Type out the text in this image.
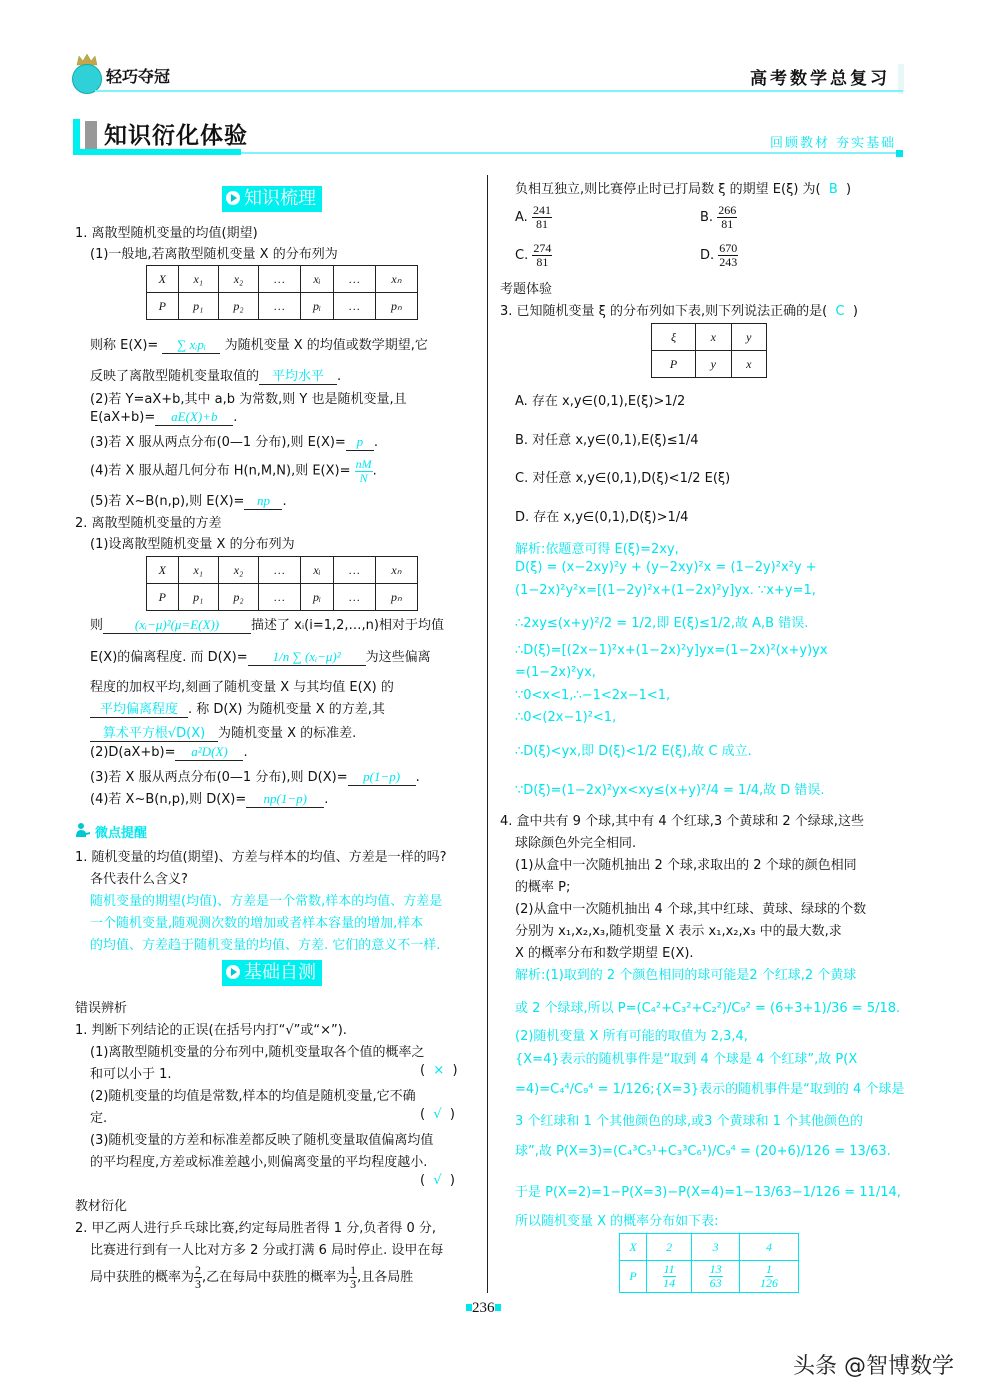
轻巧夺冠	高考数学总复习
知识衍化体验	回顾教材 夯实基础
知识梳理
1. 离散型随机变量的均值(期望)
(1)一般地,若离散型随机变量 X 的分布列为
X	x₁	x₂	…	xᵢ	…	xₙ
P	p₁	p₂	…	pᵢ	…	pₙ
则称 E(X)= ∑ xᵢpᵢ 为随机变量 X 的均值或数学期望,它
反映了离散型随机变量取值的 平均水平 .
(2)若 Y=aX+b,其中 a,b 为常数,则 Y 也是随机变量,且
E(aX+b)= aE(X)+b .
(3)若 X 服从两点分布(0—1 分布),则 E(X)= p .
(4)若 X 服从超几何分布 H(n,M,N),则 $E(X)= \frac{nM}{N}$ .
(5)若 X~B(n,p),则 E(X)= np .
2. 离散型随机变量的方差
(1)设离散型随机变量 X 的分布列为
X	x₁	x₂	…	xᵢ	…	xₙ
P	p₁	p₂	…	pᵢ	…	pₙ
则 (xᵢ−μ)²(μ=E(X)) 描述了 xᵢ(i=1,2,…,n)相对于均值
E(X)的偏离程度. 而 D(X)= 1/n ∑ (xᵢ−μ)² 为这些偏离
程度的加权平均,刻画了随机变量 X 与其均值 E(X) 的
平均偏离程度 . 称 D(X) 为随机变量 X 的方差,其
算术平方根√D(X) 为随机变量 X 的标准差.
(2)D(aX+b)= a²D(X) .
(3)若 X 服从两点分布(0—1 分布),则 D(X)= p(1−p) .
(4)若 X~B(n,p),则 D(X)= np(1−p) .
微点提醒
1. 随机变量的均值(期望)、方差与样本的均值、方差是一样的吗?
各代表什么含义?
随机变量的期望(均值)、方差是一个常数,样本的均值、方差是
一个随机变量,随观测次数的增加或者样本容量的增加,样本
的均值、方差趋于随机变量的均值、方差. 它们的意义不一样.
基础自测
错误辨析
1. 判断下列结论的正误(在括号内打“√”或“×”).
(1)离散型随机变量的分布列中,随机变量取各个值的概率之
和可以小于 1.	(  ×  )
(2)随机变量的均值是常数,样本的均值是随机变量,它不确
定.	(  √  )
(3)随机变量的方差和标准差都反映了随机变量取值偏离均值
的平均程度,方差或标准差越小,则偏离变量的平均程度越小.
(  √  )
教材衍化
2. 甲乙两人进行乒乓球比赛,约定每局胜者得 1 分,负者得 0 分,
比赛进行到有一人比对方多 2 分或打满 6 局时停止. 设甲在每
局中获胜的概率为 $\frac{2}{3}$ ,乙在每局中获胜的概率为 $\frac{1}{3}$ ,且各局胜
负相互独立,则比赛停止时已打局数 ξ 的期望 E(ξ) 为( B  )
A. $\frac{241}{81}$	B. $\frac{266}{81}$
C. $\frac{274}{81}$	D. $\frac{670}{243}$
考题体验
3. 已知随机变量 ξ 的分布列如下表,则下列说法正确的是( C  )
ξ	x	y
P	y	x
A. 存在 x,y∈(0,1),E(ξ)>1/2
B. 对任意 x,y∈(0,1),E(ξ)≤1/4
C. 对任意 x,y∈(0,1),D(ξ)<1/2 E(ξ)
D. 存在 x,y∈(0,1),D(ξ)>1/4
解析:依题意可得 E(ξ)=2xy,
D(ξ) = (x−2xy)²y + (y−2xy)²x = (1−2y)²x²y +
(1−2x)²y²x=[(1−2y)²x+(1−2x)²y]yx. ∵x+y=1,
∴2xy≤(x+y)²/2 = 1/2,即 E(ξ)≤1/2,故 A,B 错误.
∴D(ξ)=[(2x−1)²x+(1−2x)²y]yx=(1−2x)²(x+y)yx
=(1−2x)²yx,
∵0<x<1,∴−1<2x−1<1,
∴0<(2x−1)²<1,
∴D(ξ)<yx,即 D(ξ)<1/2 E(ξ),故 C 成立.
∵D(ξ)=(1−2x)²yx<xy≤(x+y)²/4 = 1/4,故 D 错误.
4. 盒中共有 9 个球,其中有 4 个红球,3 个黄球和 2 个绿球,这些
球除颜色外完全相同.
(1)从盒中一次随机抽出 2 个球,求取出的 2 个球的颜色相同
的概率 P;
(2)从盒中一次随机抽出 4 个球,其中红球、黄球、绿球的个数
分别为 x₁,x₂,x₃,随机变量 X 表示 x₁,x₂,x₃ 中的最大数,求
X 的概率分布和数学期望 E(X).
解析:(1)取到的 2 个颜色相同的球可能是2 个红球,2 个黄球
或 2 个绿球,所以 P=(C₄²+C₃²+C₂²)/C₉² = (6+3+1)/36 = 5/18.
(2)随机变量 X 所有可能的取值为 2,3,4,
{X=4}表示的随机事件是“取到 4 个球是 4 个红球”,故 P(X
=4)=C₄⁴/C₉⁴ = 1/126;{X=3}表示的随机事件是“取到的 4 个球是
3 个红球和 1 个其他颜色的球,或3 个黄球和 1 个其他颜色的
球”,故 P(X=3)=(C₄³C₅¹+C₃³C₆¹)/C₉⁴ = (20+6)/126 = 13/63.
于是 P(X=2)=1−P(X=3)−P(X=4)=1−13/63−1/126 = 11/14,
所以随机变量 X 的概率分布如下表:
X	2	3	4
P	$\frac{11}{14}$	$\frac{13}{63}$	$\frac{1}{126}$
236
头条 @智博数学
